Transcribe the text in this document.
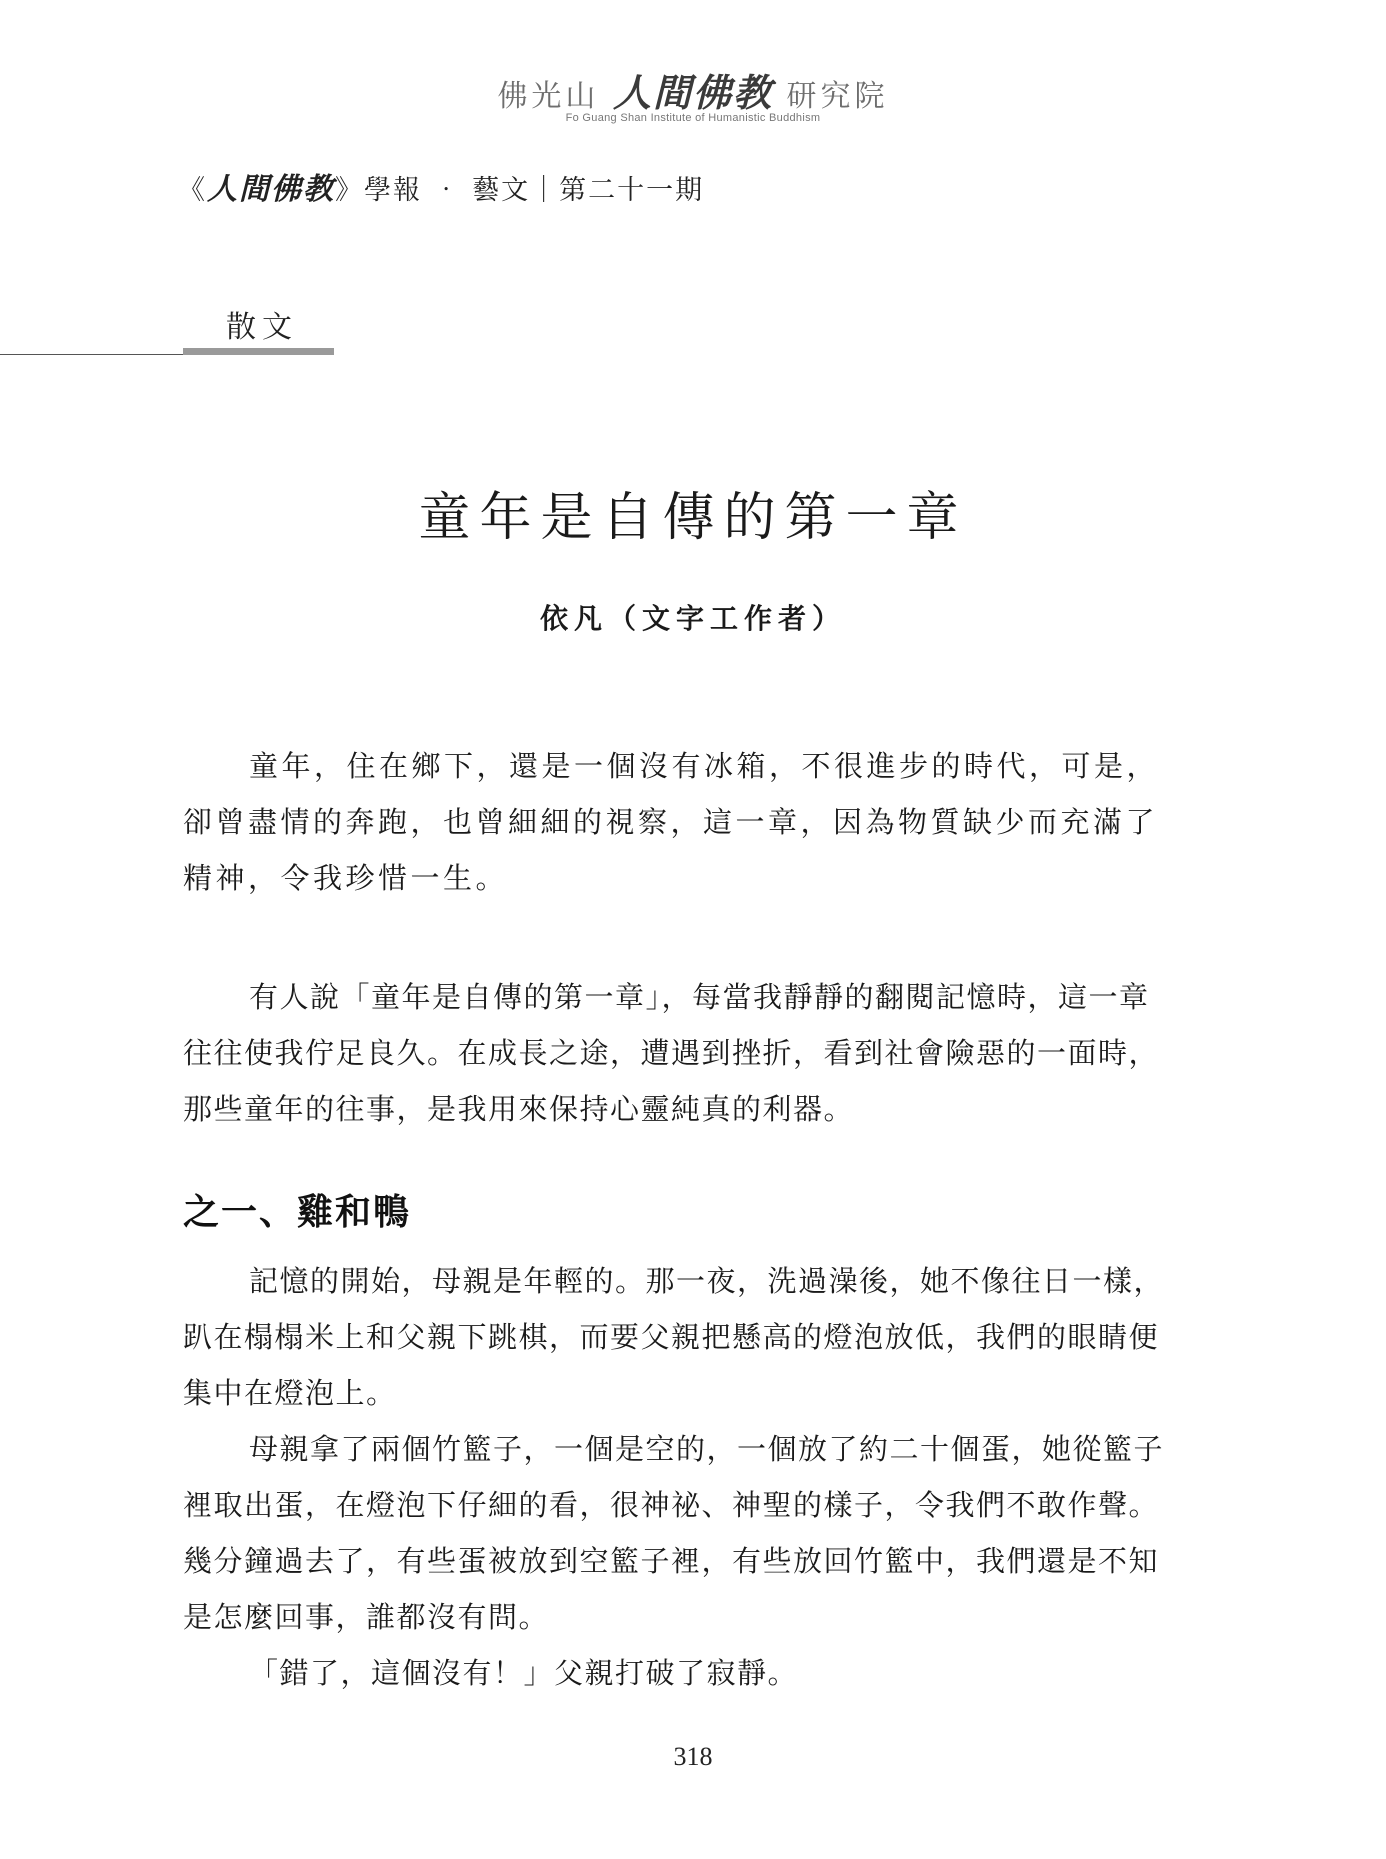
佛光山 人間佛教 研究院
Fo Guang Shan Institute of Humanistic Buddhism
《人間佛教》學報 ‧ 藝文｜第二十一期
散文
童年是自傳的第一章
依凡（文字工作者）

童年，住在鄉下，還是一個沒有冰箱，不很進步的時代，可是，卻曾盡情的奔跑，也曾細細的視察，這一章，因為物質缺少而充滿了精神，令我珍惜一生。

有人說「童年是自傳的第一章」，每當我靜靜的翻閱記憶時，這一章往往使我佇足良久。在成長之途，遭遇到挫折，看到社會險惡的一面時，那些童年的往事，是我用來保持心靈純真的利器。

之一、雞和鴨

記憶的開始，母親是年輕的。那一夜，洗過澡後，她不像往日一樣，趴在榻榻米上和父親下跳棋，而要父親把懸高的燈泡放低，我們的眼睛便集中在燈泡上。

母親拿了兩個竹籃子，一個是空的，一個放了約二十個蛋，她從籃子裡取出蛋，在燈泡下仔細的看，很神祕、神聖的樣子，令我們不敢作聲。幾分鐘過去了，有些蛋被放到空籃子裡，有些放回竹籃中，我們還是不知是怎麼回事，誰都沒有問。

「錯了，這個沒有！」父親打破了寂靜。

318
